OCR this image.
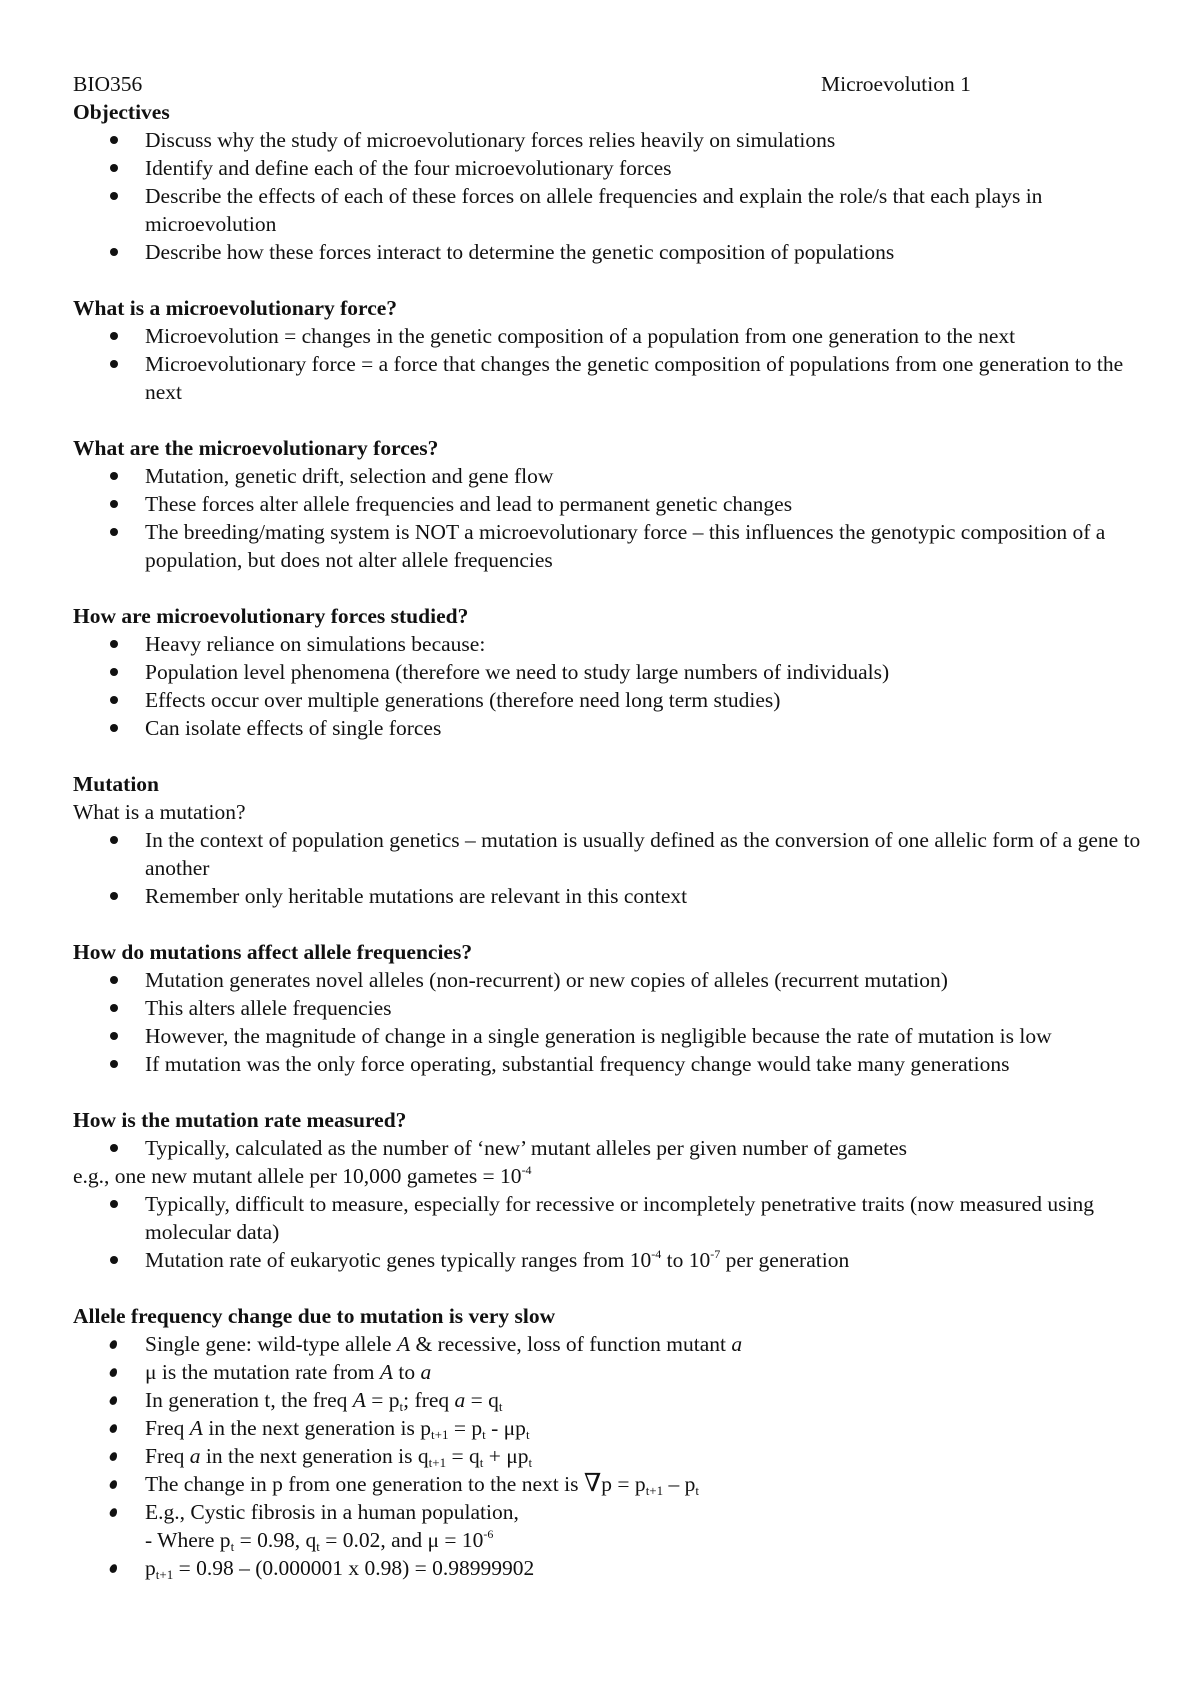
BIO356	Microevolution 1
Objectives
Discuss why the study of microevolutionary forces relies heavily on simulations
Identify and define each of the four microevolutionary forces
Describe the effects of each of these forces on allele frequencies and explain the role/s that each plays in microevolution
Describe how these forces interact to determine the genetic composition of populations
What is a microevolutionary force?
Microevolution = changes in the genetic composition of a population from one generation to the next
Microevolutionary force = a force that changes the genetic composition of populations from one generation to the next
What are the microevolutionary forces?
Mutation, genetic drift, selection and gene flow
These forces alter allele frequencies and lead to permanent genetic changes
The breeding/mating system is NOT a microevolutionary force – this influences the genotypic composition of a population, but does not alter allele frequencies
How are microevolutionary forces studied?
Heavy reliance on simulations because:
Population level phenomena (therefore we need to study large numbers of individuals)
Effects occur over multiple generations (therefore need long term studies)
Can isolate effects of single forces
Mutation
What is a mutation?
In the context of population genetics – mutation is usually defined as the conversion of one allelic form of a gene to another
Remember only heritable mutations are relevant in this context
How do mutations affect allele frequencies?
Mutation generates novel alleles (non-recurrent) or new copies of alleles (recurrent mutation)
This alters allele frequencies
However, the magnitude of change in a single generation is negligible because the rate of mutation is low
If mutation was the only force operating, substantial frequency change would take many generations
How is the mutation rate measured?
Typically, calculated as the number of ‘new’ mutant alleles per given number of gametes
e.g., one new mutant allele per 10,000 gametes = $10^{-4}$
Typically, difficult to measure, especially for recessive or incompletely penetrative traits (now measured using molecular data)
Mutation rate of eukaryotic genes typically ranges from $10^{-4}$ to $10^{-7}$ per generation
Allele frequency change due to mutation is very slow
Single gene: wild-type allele A & recessive, loss of function mutant a
μ is the mutation rate from A to a
In generation t, the freq $A = p_t$; freq $a = q_t$
Freq A in the next generation is $p_{t+1} = p_t - \mu p_t$
Freq a in the next generation is $q_{t+1} = q_t + \mu p_t$
The change in p from one generation to the next is $\nabla p = p_{t+1} - p_t$
E.g., Cystic fibrosis in a human population,
- Where $p_t = 0.98$, $q_t = 0.02$, and $\mu = 10^{-6}$
$p_{t+1} = 0.98 - (0.000001$ x 0.98) = 0.98999902
